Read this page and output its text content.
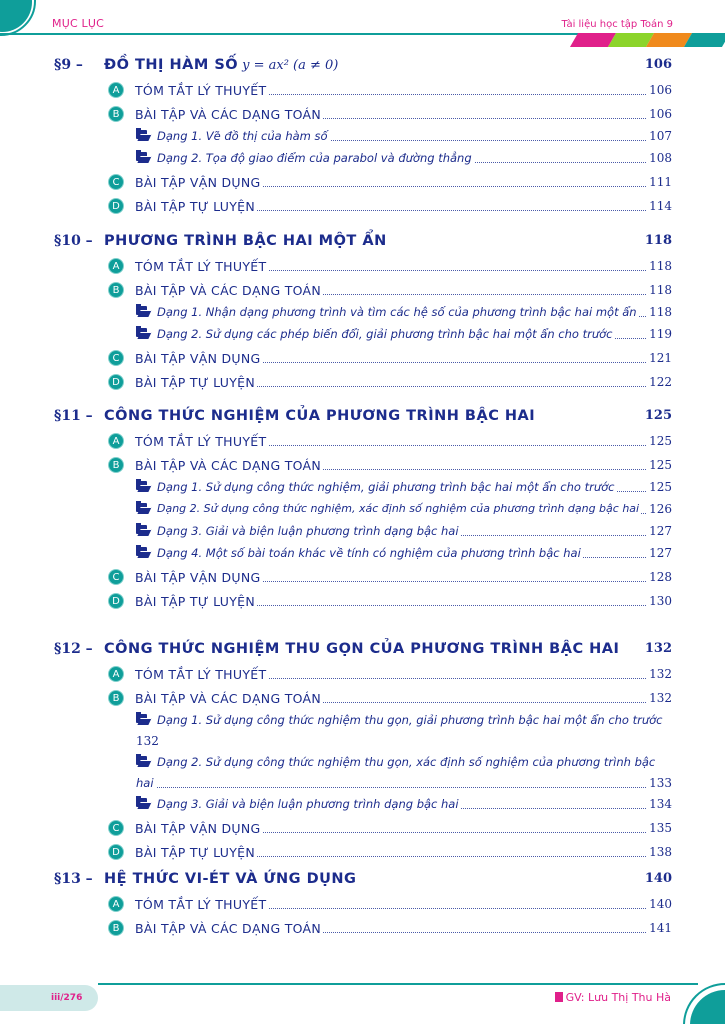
MỤC LỤC	Tài liệu học tập Toán 9
§9 – ĐỒ THỊ HÀM SỐ y = ax² (a ≠ 0)	106
A	TÓM TẮT LÝ THUYẾT	106
B	BÀI TẬP VÀ CÁC DẠNG TOÁN	106
Dạng 1. Vẽ đồ thị của hàm số	107
Dạng 2. Tọa độ giao điểm của parabol và đường thẳng	108
C	BÀI TẬP VẬN DỤNG	111
D	BÀI TẬP TỰ LUYỆN	114
§10 – PHƯƠNG TRÌNH BẬC HAI MỘT ẨN	118
A	TÓM TẮT LÝ THUYẾT	118
B	BÀI TẬP VÀ CÁC DẠNG TOÁN	118
Dạng 1. Nhận dạng phương trình và tìm các hệ số của phương trình bậc hai một ẩn 118
Dạng 2. Sử dụng các phép biến đổi, giải phương trình bậc hai một ẩn cho trước	119
C	BÀI TẬP VẬN DỤNG	121
D	BÀI TẬP TỰ LUYỆN	122
§11 – CÔNG THỨC NGHIỆM CỦA PHƯƠNG TRÌNH BẬC HAI	125
A	TÓM TẮT LÝ THUYẾT	125
B	BÀI TẬP VÀ CÁC DẠNG TOÁN	125
Dạng 1. Sử dụng công thức nghiệm, giải phương trình bậc hai một ẩn cho trước	125
Dạng 2. Sử dụng công thức nghiệm, xác định số nghiệm của phương trình dạng bậc hai 126
Dạng 3. Giải và biện luận phương trình dạng bậc hai	127
Dạng 4. Một số bài toán khác về tính có nghiệm của phương trình bậc hai	127
C	BÀI TẬP VẬN DỤNG	128
D	BÀI TẬP TỰ LUYỆN	130
§12 – CÔNG THỨC NGHIỆM THU GỌN CỦA PHƯƠNG TRÌNH BẬC HAI 132
A	TÓM TẮT LÝ THUYẾT	132
B	BÀI TẬP VÀ CÁC DẠNG TOÁN	132
Dạng 1. Sử dụng công thức nghiệm thu gọn, giải phương trình bậc hai một ẩn cho trước
132
Dạng 2. Sử dụng công thức nghiệm thu gọn, xác định số nghiệm của phương trình bậc
hai	133
Dạng 3. Giải và biện luận phương trình dạng bậc hai	134
C	BÀI TẬP VẬN DỤNG	135
D	BÀI TẬP TỰ LUYỆN	138
§13 – HỆ THỨC VI-ÉT VÀ ỨNG DỤNG	140
A	TÓM TẮT LÝ THUYẾT	140
B	BÀI TẬP VÀ CÁC DẠNG TOÁN	141
iii/276	GV: Lưu Thị Thu Hà
